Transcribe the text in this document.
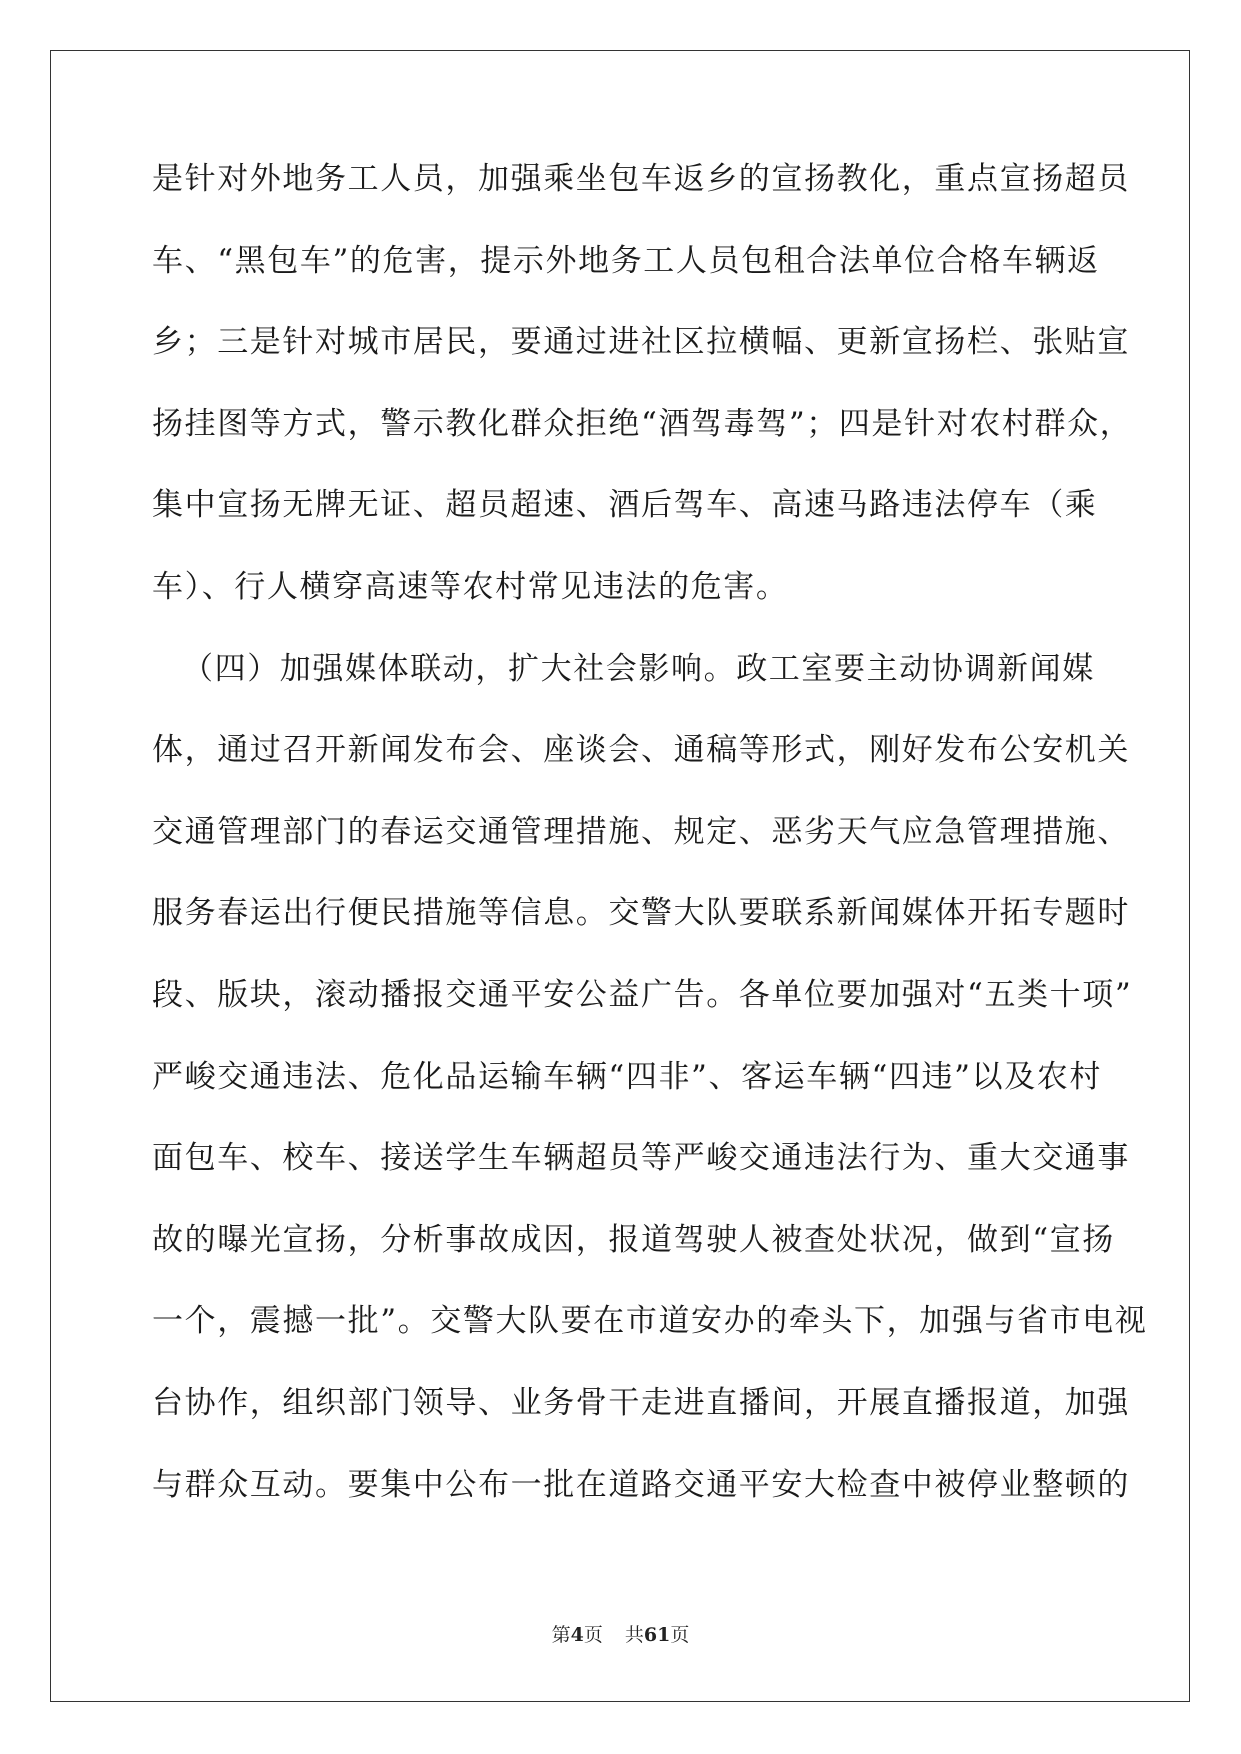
是针对外地务工人员，加强乘坐包车返乡的宣扬教化，重点宣扬超员
车、“黑包车”的危害，提示外地务工人员包租合法单位合格车辆返
乡；三是针对城市居民，要通过进社区拉横幅、更新宣扬栏、张贴宣
扬挂图等方式，警示教化群众拒绝“酒驾毒驾”；四是针对农村群众，
集中宣扬无牌无证、超员超速、酒后驾车、高速马路违法停车（乘
车）、行人横穿高速等农村常见违法的危害。
（四）加强媒体联动，扩大社会影响。政工室要主动协调新闻媒
体，通过召开新闻发布会、座谈会、通稿等形式，刚好发布公安机关
交通管理部门的春运交通管理措施、规定、恶劣天气应急管理措施、
服务春运出行便民措施等信息。交警大队要联系新闻媒体开拓专题时
段、版块，滚动播报交通平安公益广告。各单位要加强对“五类十项”
严峻交通违法、危化品运输车辆“四非”、客运车辆“四违”以及农村
面包车、校车、接送学生车辆超员等严峻交通违法行为、重大交通事
故的曝光宣扬，分析事故成因，报道驾驶人被查处状况，做到“宣扬
一个，震撼一批”。交警大队要在市道安办的牵头下，加强与省市电视
台协作，组织部门领导、业务骨干走进直播间，开展直播报道，加强
与群众互动。要集中公布一批在道路交通平安大检查中被停业整顿的
第4页 共61页
